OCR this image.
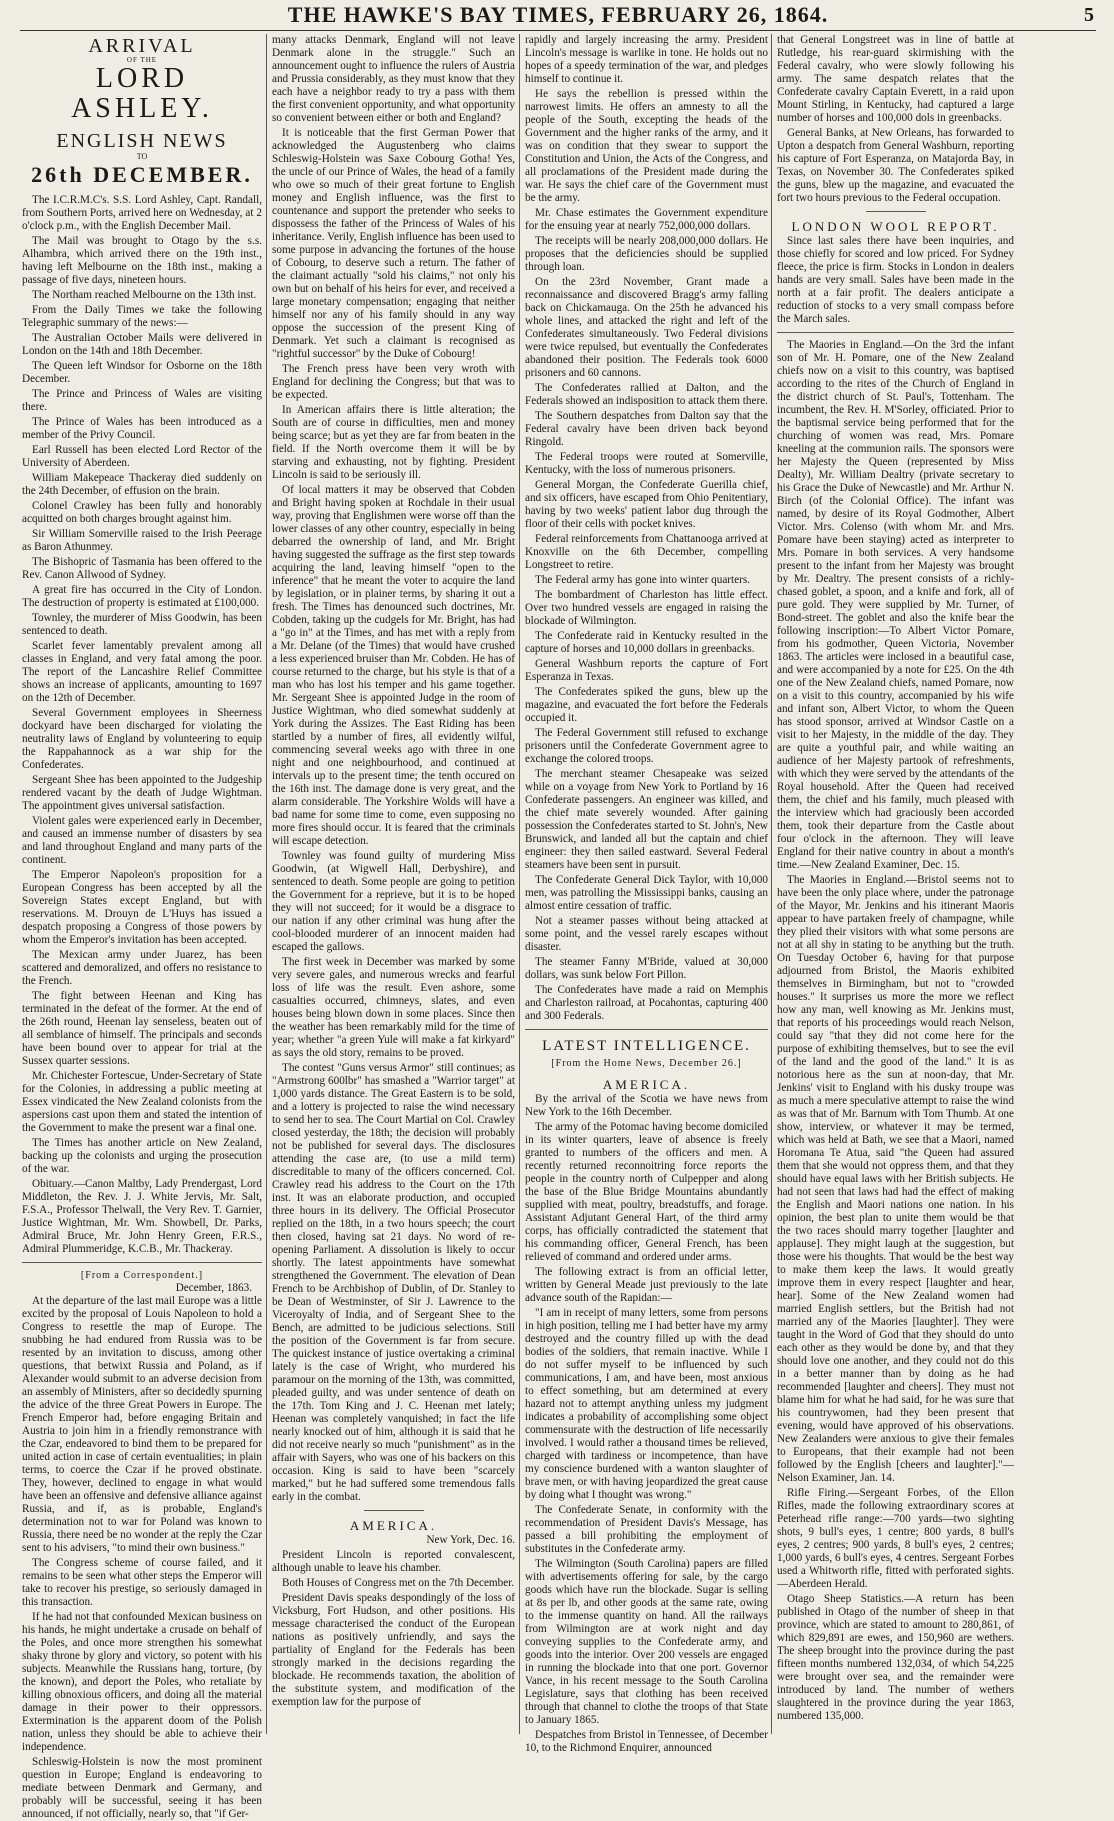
THE HAWKE'S BAY TIMES, FEBRUARY 26, 1864.	5
ARRIVAL
OF THE
LORD ASHLEY.
ENGLISH NEWS
TO
26th DECEMBER.

The I.C.R.M.C's. S.S. Lord Ashley, Capt. Randall, from Southern Ports, arrived here on Wednesday, at 2 o'clock p.m., with the English December Mail.

The Mail was brought to Otago by the s.s. Alhambra, which arrived there on the 19th inst., having left Melbourne on the 18th inst., making a passage of five days, nineteen hours.

The Northam reached Melbourne on the 13th inst.

From the Daily Times we take the following Telegraphic summary of the news:—

The Australian October Mails were delivered in London on the 14th and 18th December.

The Queen left Windsor for Osborne on the 18th December.

The Prince and Princess of Wales are visiting there.

The Prince of Wales has been introduced as a member of the Privy Council.

Earl Russell has been elected Lord Rector of the University of Aberdeen.

William Makepeace Thackeray died suddenly on the 24th December, of effusion on the brain.

Colonel Crawley has been fully and honorably acquitted on both charges brought against him.

Sir William Somerville raised to the Irish Peerage as Baron Athunmey.

The Bishopric of Tasmania has been offered to the Rev. Canon Allwood of Sydney.

A great fire has occurred in the City of London. The destruction of property is estimated at £100,000.

Townley, the murderer of Miss Goodwin, has been sentenced to death.

Scarlet fever lamentably prevalent among all classes in England, and very fatal among the poor. The report of the Lancashire Relief Committee shows an increase of applicants, amounting to 1697 on the 12th of December.

Several Government employees in Sheerness dockyard have been discharged for violating the neutrality laws of England by volunteering to equip the Rappahannock as a war ship for the Confederates.

Sergeant Shee has been appointed to the Judgeship rendered vacant by the death of Judge Wightman. The appointment gives universal satisfaction.

Violent gales were experienced early in December, and caused an immense number of disasters by sea and land throughout England and many parts of the continent.

The Emperor Napoleon's proposition for a European Congress has been accepted by all the Sovereign States except England, but with reservations. M. Drouyn de L'Huys has issued a despatch proposing a Congress of those powers by whom the Emperor's invitation has been accepted.

The Mexican army under Juarez, has been scattered and demoralized, and offers no resistance to the French.

The fight between Heenan and King has terminated in the defeat of the former. At the end of the 26th round, Heenan lay senseless, beaten out of all semblance of himself. The principals and seconds have been bound over to appear for trial at the Sussex quarter sessions.

Mr. Chichester Fortescue, Under-Secretary of State for the Colonies, in addressing a public meeting at Essex vindicated the New Zealand colonists from the aspersions cast upon them and stated the intention of the Government to make the present war a final one.

The Times has another article on New Zealand, backing up the colonists and urging the prosecution of the war.

Obituary.—Canon Maltby, Lady Prendergast, Lord Middleton, the Rev. J. J. White Jervis, Mr. Salt, F.S.A., Professor Thelwall, the Very Rev. T. Garnier, Justice Wightman, Mr. Wm. Showbell, Dr. Parks, Admiral Bruce, Mr. John Henry Green, F.R.S., Admiral Plummeridge, K.C.B., Mr. Thackeray.

[From a Correspondent.]
December, 1863.

At the departure of the last mail Europe was a little excited by the proposal of Louis Napoleon to hold a Congress to resettle the map of Europe. The snubbing he had endured from Russia was to be resented by an invitation to discuss, among other questions, that betwixt Russia and Poland, as if Alexander would submit to an adverse decision from an assembly of Ministers, after so decidedly spurning the advice of the three Great Powers in Europe. The French Emperor had, before engaging Britain and Austria to join him in a friendly remonstrance with the Czar, endeavored to bind them to be prepared for united action in case of certain eventualities; in plain terms, to coerce the Czar if he proved obstinate. They, however, declined to engage in what would have been an offensive and defensive alliance against Russia, and if, as is probable, England's determination not to war for Poland was known to Russia, there need be no wonder at the reply the Czar sent to his advisers, "to mind their own business."

The Congress scheme of course failed, and it remains to be seen what other steps the Emperor will take to recover his prestige, so seriously damaged in this transaction.

If he had not that confounded Mexican business on his hands, he might undertake a crusade on behalf of the Poles, and once more strengthen his somewhat shaky throne by glory and victory, so potent with his subjects. Meanwhile the Russians hang, torture, (by the known), and deport the Poles, who retaliate by killing obnoxious officers, and doing all the material damage in their power to their oppressors. Extermination is the apparent doom of the Polish nation, unless they should be able to achieve their independence.

Schleswig-Holstein is now the most prominent question in Europe; England is endeavoring to mediate between Denmark and Germany, and probably will be successful, seeing it has been announced, if not officially, nearly so, that "if Ger-

many attacks Denmark, England will not leave Denmark alone in the struggle." Such an announcement ought to influence the rulers of Austria and Prussia considerably, as they must know that they each have a neighbor ready to try a pass with them the first convenient opportunity, and what opportunity so convenient between either or both and England?

It is noticeable that the first German Power that acknowledged the Augustenberg who claims Schleswig-Holstein was Saxe Cobourg Gotha! Yes, the uncle of our Prince of Wales, the head of a family who owe so much of their great fortune to English money and English influence, was the first to countenance and support the pretender who seeks to dispossess the father of the Princess of Wales of his inheritance. Verily, English influence has been used to some purpose in advancing the fortunes of the house of Cobourg, to deserve such a return. The father of the claimant actually "sold his claims," not only his own but on behalf of his heirs for ever, and received a large monetary compensation; engaging that neither himself nor any of his family should in any way oppose the succession of the present King of Denmark. Yet such a claimant is recognised as "rightful successor" by the Duke of Cobourg!

The French press have been very wroth with England for declining the Congress; but that was to be expected.

In American affairs there is little alteration; the South are of course in difficulties, men and money being scarce; but as yet they are far from beaten in the field. If the North overcome them it will be by starving and exhausting, not by fighting. President Lincoln is said to be seriously ill.

Of local matters it may be observed that Cobden and Bright having spoken at Rochdale in their usual way, proving that Englishmen were worse off than the lower classes of any other country, especially in being debarred the ownership of land, and Mr. Bright having suggested the suffrage as the first step towards acquiring the land, leaving himself "open to the inference" that he meant the voter to acquire the land by legislation, or in plainer terms, by sharing it out a fresh. The Times has denounced such doctrines, Mr. Cobden, taking up the cudgels for Mr. Bright, has had a "go in" at the Times, and has met with a reply from a Mr. Delane (of the Times) that would have crushed a less experienced bruiser than Mr. Cobden. He has of course returned to the charge, but his style is that of a man who has lost his temper and his game together. Mr. Sergeant Shee is appointed Judge in the room of Justice Wightman, who died somewhat suddenly at York during the Assizes. The East Riding has been startled by a number of fires, all evidently wilful, commencing several weeks ago with three in one night and one neighbourhood, and continued at intervals up to the present time; the tenth occured on the 16th inst. The damage done is very great, and the alarm considerable. The Yorkshire Wolds will have a bad name for some time to come, even supposing no more fires should occur. It is feared that the criminals will escape detection.

Townley was found guilty of murdering Miss Goodwin, (at Wigwell Hall, Derbyshire), and sentenced to death. Some people are going to petition the Government for a reprieve, but it is to be hoped they will not succeed; for it would be a disgrace to our nation if any other criminal was hung after the cool-blooded murderer of an innocent maiden had escaped the gallows.

The first week in December was marked by some very severe gales, and numerous wrecks and fearful loss of life was the result. Even ashore, some casualties occurred, chimneys, slates, and even houses being blown down in some places. Since then the weather has been remarkably mild for the time of year; whether "a green Yule will make a fat kirkyard" as says the old story, remains to be proved.

The contest "Guns versus Armor" still continues; as "Armstrong 600lbr" has smashed a "Warrior target" at 1,000 yards distance. The Great Eastern is to be sold, and a lottery is projected to raise the wind necessary to send her to sea. The Court Martial on Col. Crawley closed yesterday, the 18th; the decision will probably not be published for several days. The disclosures attending the case are, (to use a mild term) discreditable to many of the officers concerned. Col. Crawley read his address to the Court on the 17th inst. It was an elaborate production, and occupied three hours in its delivery. The Official Prosecutor replied on the 18th, in a two hours speech; the court then closed, having sat 21 days. No word of re-opening Parliament. A dissolution is likely to occur shortly. The latest appointments have somewhat strengthened the Government. The elevation of Dean French to be Archbishop of Dublin, of Dr. Stanley to be Dean of Westminster, of Sir J. Lawrence to the Viceroyalty of India, and of Sergeant Shee to the Bench, are admitted to be judicious selections. Still the position of the Government is far from secure. The quickest instance of justice overtaking a criminal lately is the case of Wright, who murdered his paramour on the morning of the 13th, was committed, pleaded guilty, and was under sentence of death on the 17th. Tom King and J. C. Heenan met lately; Heenan was completely vanquished; in fact the life nearly knocked out of him, although it is said that he did not receive nearly so much "punishment" as in the affair with Sayers, who was one of his backers on this occasion. King is said to have been "scarcely marked," but he had suffered some tremendous falls early in the combat.

AMERICA.
New York, Dec. 16.

President Lincoln is reported convalescent, although unable to leave his chamber.

Both Houses of Congress met on the 7th December.

President Davis speaks despondingly of the loss of Vicksburg, Fort Hudson, and other positions. His message characterised the conduct of the European nations as positively unfriendly, and says the partiality of England for the Federals has been strongly marked in the decisions regarding the blockade. He recommends taxation, the abolition of the substitute system, and modification of the exemption law for the purpose of

rapidly and largely increasing the army. President Lincoln's message is warlike in tone. He holds out no hopes of a speedy termination of the war, and pledges himself to continue it.

He says the rebellion is pressed within the narrowest limits. He offers an amnesty to all the people of the South, excepting the heads of the Government and the higher ranks of the army, and it was on condition that they swear to support the Constitution and Union, the Acts of the Congress, and all proclamations of the President made during the war. He says the chief care of the Government must be the army.

Mr. Chase estimates the Government expenditure for the ensuing year at nearly 752,000,000 dollars.

The receipts will be nearly 208,000,000 dollars. He proposes that the deficiencies should be supplied through loan.

On the 23rd November, Grant made a reconnaissance and discovered Bragg's army falling back on Chickamauga. On the 25th he advanced his whole lines, and attacked the right and left of the Confederates simultaneously. Two Federal divisions were twice repulsed, but eventually the Confederates abandoned their position. The Federals took 6000 prisoners and 60 cannons.

The Confederates rallied at Dalton, and the Federals showed an indisposition to attack them there.

The Southern despatches from Dalton say that the Federal cavalry have been driven back beyond Ringold.

The Federal troops were routed at Somerville, Kentucky, with the loss of numerous prisoners.

General Morgan, the Confederate Guerilla chief, and six officers, have escaped from Ohio Penitentiary, having by two weeks' patient labor dug through the floor of their cells with pocket knives.

Federal reinforcements from Chattanooga arrived at Knoxville on the 6th December, compelling Longstreet to retire.

The Federal army has gone into winter quarters.

The bombardment of Charleston has little effect. Over two hundred vessels are engaged in raising the blockade of Wilmington.

The Confederate raid in Kentucky resulted in the capture of horses and 10,000 dollars in greenbacks.

General Washburn reports the capture of Fort Esperanza in Texas.

The Confederates spiked the guns, blew up the magazine, and evacuated the fort before the Federals occupied it.

The Federal Government still refused to exchange prisoners until the Confederate Government agree to exchange the colored troops.

The merchant steamer Chesapeake was seized while on a voyage from New York to Portland by 16 Confederate passengers. An engineer was killed, and the chief mate severely wounded. After gaining possession the Confederates started to St. John's, New Brunswick, and landed all but the captain and chief engineer: they then sailed eastward. Several Federal steamers have been sent in pursuit.

The Confederate General Dick Taylor, with 10,000 men, was patrolling the Mississippi banks, causing an almost entire cessation of traffic.

Not a steamer passes without being attacked at some point, and the vessel rarely escapes without disaster.

The steamer Fanny M'Bride, valued at 30,000 dollars, was sunk below Fort Pillon.

The Confederates have made a raid on Memphis and Charleston railroad, at Pocahontas, capturing 400 and 300 Federals.

LATEST INTELLIGENCE.
[From the Home News, December 26.]
AMERICA.

By the arrival of the Scotia we have news from New York to the 16th December.

The army of the Potomac having become domiciled in its winter quarters, leave of absence is freely granted to numbers of the officers and men. A recently returned reconnoitring force reports the people in the country north of Culpepper and along the base of the Blue Bridge Mountains abundantly supplied with meat, poultry, breadstuffs, and forage. Assistant Adjutant General Hart, of the third army corps, has officially contradicted the statement that his commanding officer, General French, has been relieved of command and ordered under arms.

The following extract is from an official letter, written by General Meade just previously to the late advance south of the Rapidan:—

"I am in receipt of many letters, some from persons in high position, telling me I had better have my army destroyed and the country filled up with the dead bodies of the soldiers, that remain inactive. While I do not suffer myself to be influenced by such communications, I am, and have been, most anxious to effect something, but am determined at every hazard not to attempt anything unless my judgment indicates a probability of accomplishing some object commensurate with the destruction of life necessarily involved. I would rather a thousand times be relieved, charged with tardiness or incompetence, than have my conscience burdened with a wanton slaughter of brave men, or with having jeopardized the great cause by doing what I thought was wrong."

The Confederate Senate, in conformity with the recommendation of President Davis's Message, has passed a bill prohibiting the employment of substitutes in the Confederate army.

The Wilmington (South Carolina) papers are filled with advertisements offering for sale, by the cargo goods which have run the blockade. Sugar is selling at 8s per lb, and other goods at the same rate, owing to the immense quantity on hand. All the railways from Wilmington are at work night and day conveying supplies to the Confederate army, and goods into the interior. Over 200 vessels are engaged in running the blockade into that one port. Governor Vance, in his recent message to the South Carolina Legislature, says that clothing has been received through that channel to clothe the troops of that State to January 1865.

Despatches from Bristol in Tennessee, of December 10, to the Richmond Enquirer, announced

that General Longstreet was in line of battle at Rutledge, his rear-guard skirmishing with the Federal cavalry, who were slowly following his army. The same despatch relates that the Confederate cavalry Captain Everett, in a raid upon Mount Stirling, in Kentucky, had captured a large number of horses and 100,000 dols in greenbacks.

General Banks, at New Orleans, has forwarded to Upton a despatch from General Washburn, reporting his capture of Fort Esperanza, on Matajorda Bay, in Texas, on November 30. The Confederates spiked the guns, blew up the magazine, and evacuated the fort two hours previous to the Federal occupation.

LONDON WOOL REPORT.

Since last sales there have been inquiries, and those chiefly for scored and low priced. For Sydney fleece, the price is firm. Stocks in London in dealers hands are very small. Sales have been made in the north at a fair profit. The dealers anticipate a reduction of stocks to a very small compass before the March sales.

The Maories in England.—On the 3rd the infant son of Mr. H. Pomare, one of the New Zealand chiefs now on a visit to this country, was baptised according to the rites of the Church of England in the district church of St. Paul's, Tottenham. The incumbent, the Rev. H. M'Sorley, officiated. Prior to the baptismal service being performed that for the churching of women was read, Mrs. Pomare kneeling at the communion rails. The sponsors were her Majesty the Queen (represented by Miss Dealty), Mr. William Dealtry (private secretary to his Grace the Duke of Newcastle) and Mr. Arthur N. Birch (of the Colonial Office). The infant was named, by desire of its Royal Godmother, Albert Victor. Mrs. Colenso (with whom Mr. and Mrs. Pomare have been staying) acted as interpreter to Mrs. Pomare in both services. A very handsome present to the infant from her Majesty was brought by Mr. Dealtry. The present consists of a richly-chased goblet, a spoon, and a knife and fork, all of pure gold. They were supplied by Mr. Turner, of Bond-street. The goblet and also the knife bear the following inscription:—To Albert Victor Pomare, from his godmother, Queen Victoria, November 1863. The articles were inclosed in a beautiful case, and were accompanied by a note for £25. On the 4th one of the New Zealand chiefs, named Pomare, now on a visit to this country, accompanied by his wife and infant son, Albert Victor, to whom the Queen has stood sponsor, arrived at Windsor Castle on a visit to her Majesty, in the middle of the day. They are quite a youthful pair, and while waiting an audience of her Majesty partook of refreshments, with which they were served by the attendants of the Royal household. After the Queen had received them, the chief and his family, much pleased with the interview which had graciously been accorded them, took their departure from the Castle about four o'clock in the afternoon. They will leave England for their native country in about a month's time.—New Zealand Examiner, Dec. 15.

The Maories in England.—Bristol seems not to have been the only place where, under the patronage of the Mayor, Mr. Jenkins and his itinerant Maoris appear to have partaken freely of champagne, while they plied their visitors with what some persons are not at all shy in stating to be anything but the truth. On Tuesday October 6, having for that purpose adjourned from Bristol, the Maoris exhibited themselves in Birmingham, but not to "crowded houses." It surprises us more the more we reflect how any man, well knowing as Mr. Jenkins must, that reports of his proceedings would reach Nelson, could say "that they did not come here for the purpose of exhibiting themselves, but to see the evil of the land and the good of the land." It is as notorious here as the sun at noon-day, that Mr. Jenkins' visit to England with his dusky troupe was as much a mere speculative attempt to raise the wind as was that of Mr. Barnum with Tom Thumb. At one show, interview, or whatever it may be termed, which was held at Bath, we see that a Maori, named Horomana Te Atua, said "the Queen had assured them that she would not oppress them, and that they should have equal laws with her British subjects. He had not seen that laws had had the effect of making the English and Maori nations one nation. In his opinion, the best plan to unite them would be that the two races should marry together [laughter and applause]. They might laugh at the suggestion, but those were his thoughts. That would be the best way to make them keep the laws. It would greatly improve them in every respect [laughter and hear, hear]. Some of the New Zealand women had married English settlers, but the British had not married any of the Maories [laughter]. They were taught in the Word of God that they should do unto each other as they would be done by, and that they should love one another, and they could not do this in a better manner than by doing as he had recommended [laughter and cheers]. They must not blame him for what he had said, for he was sure that his countrywomen, had they been present that evening, would have approved of his observations. New Zealanders were anxious to give their females to Europeans, that their example had not been followed by the English [cheers and laughter]."—Nelson Examiner, Jan. 14.

Rifle Firing.—Sergeant Forbes, of the Ellon Rifles, made the following extraordinary scores at Peterhead rifle range:—700 yards—two sighting shots, 9 bull's eyes, 1 centre; 800 yards, 8 bull's eyes, 2 centres; 900 yards, 8 bull's eyes, 2 centres; 1,000 yards, 6 bull's eyes, 4 centres. Sergeant Forbes used a Whitworth rifle, fitted with perforated sights.—Aberdeen Herald.

Otago Sheep Statistics.—A return has been published in Otago of the number of sheep in that province, which are stated to amount to 280,861, of which 829,891 are ewes, and 150,960 are wethers. The sheep brought into the province during the past fifteen months numbered 132,034, of which 54,225 were brought over sea, and the remainder were introduced by land. The number of wethers slaughtered in the province during the year 1863, numbered 135,000.
